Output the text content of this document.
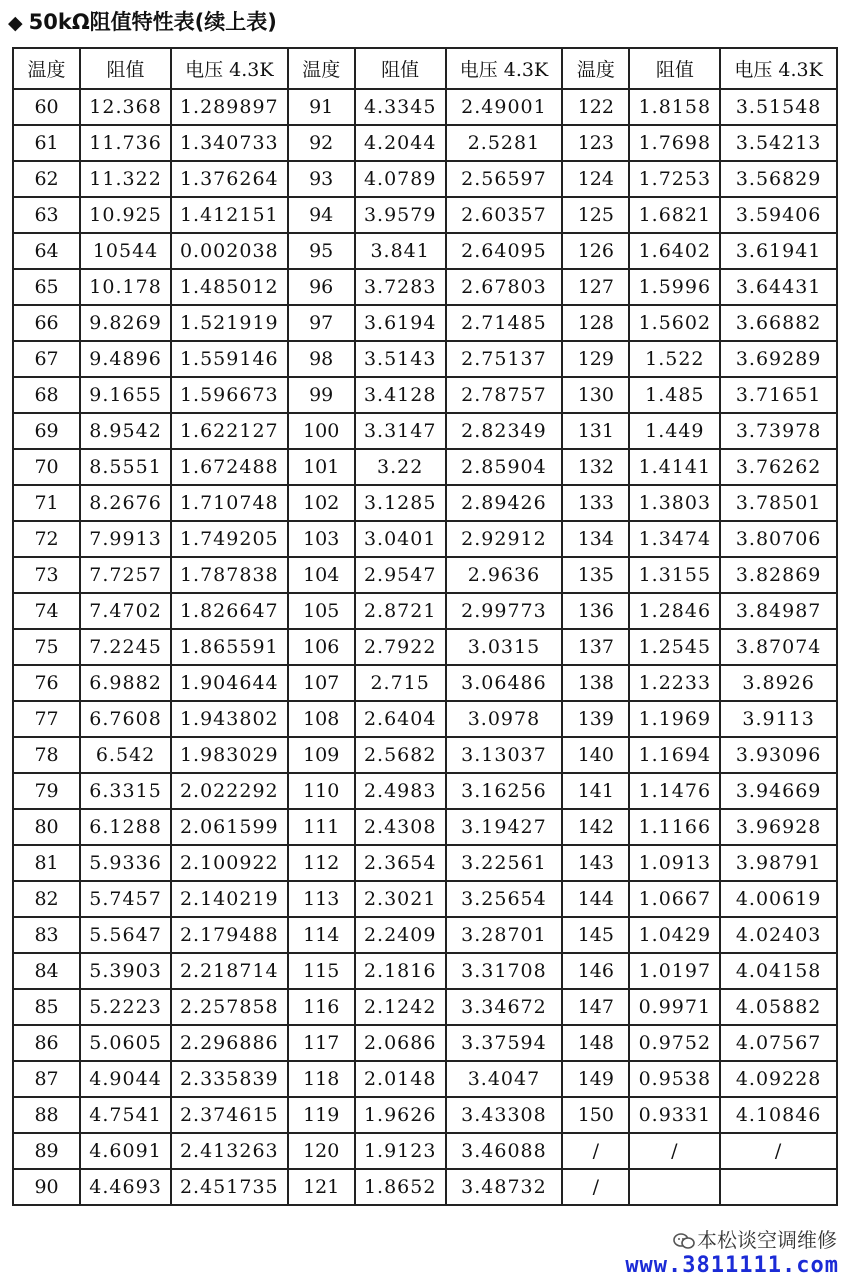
◆ 50kΩ阻值特性表(续上表)
温度	阻值	电压 4.3K	温度	阻值	电压 4.3K	温度	阻值	电压 4.3K
60	12.368	1.289897	91	4.3345	2.49001	122	1.8158	3.51548
61	11.736	1.340733	92	4.2044	2.5281	123	1.7698	3.54213
62	11.322	1.376264	93	4.0789	2.56597	124	1.7253	3.56829
63	10.925	1.412151	94	3.9579	2.60357	125	1.6821	3.59406
64	10544	0.002038	95	3.841	2.64095	126	1.6402	3.61941
65	10.178	1.485012	96	3.7283	2.67803	127	1.5996	3.64431
66	9.8269	1.521919	97	3.6194	2.71485	128	1.5602	3.66882
67	9.4896	1.559146	98	3.5143	2.75137	129	1.522	3.69289
68	9.1655	1.596673	99	3.4128	2.78757	130	1.485	3.71651
69	8.9542	1.622127	100	3.3147	2.82349	131	1.449	3.73978
70	8.5551	1.672488	101	3.22	2.85904	132	1.4141	3.76262
71	8.2676	1.710748	102	3.1285	2.89426	133	1.3803	3.78501
72	7.9913	1.749205	103	3.0401	2.92912	134	1.3474	3.80706
73	7.7257	1.787838	104	2.9547	2.9636	135	1.3155	3.82869
74	7.4702	1.826647	105	2.8721	2.99773	136	1.2846	3.84987
75	7.2245	1.865591	106	2.7922	3.0315	137	1.2545	3.87074
76	6.9882	1.904644	107	2.715	3.06486	138	1.2233	3.8926
77	6.7608	1.943802	108	2.6404	3.0978	139	1.1969	3.9113
78	6.542	1.983029	109	2.5682	3.13037	140	1.1694	3.93096
79	6.3315	2.022292	110	2.4983	3.16256	141	1.1476	3.94669
80	6.1288	2.061599	111	2.4308	3.19427	142	1.1166	3.96928
81	5.9336	2.100922	112	2.3654	3.22561	143	1.0913	3.98791
82	5.7457	2.140219	113	2.3021	3.25654	144	1.0667	4.00619
83	5.5647	2.179488	114	2.2409	3.28701	145	1.0429	4.02403
84	5.3903	2.218714	115	2.1816	3.31708	146	1.0197	4.04158
85	5.2223	2.257858	116	2.1242	3.34672	147	0.9971	4.05882
86	5.0605	2.296886	117	2.0686	3.37594	148	0.9752	4.07567
87	4.9044	2.335839	118	2.0148	3.4047	149	0.9538	4.09228
88	4.7541	2.374615	119	1.9626	3.43308	150	0.9331	4.10846
89	4.6091	2.413263	120	1.9123	3.46088	/	/	/
90	4.4693	2.451735	121	1.8652	3.48732	/		
本松谈空调维修
www.3811111.com
